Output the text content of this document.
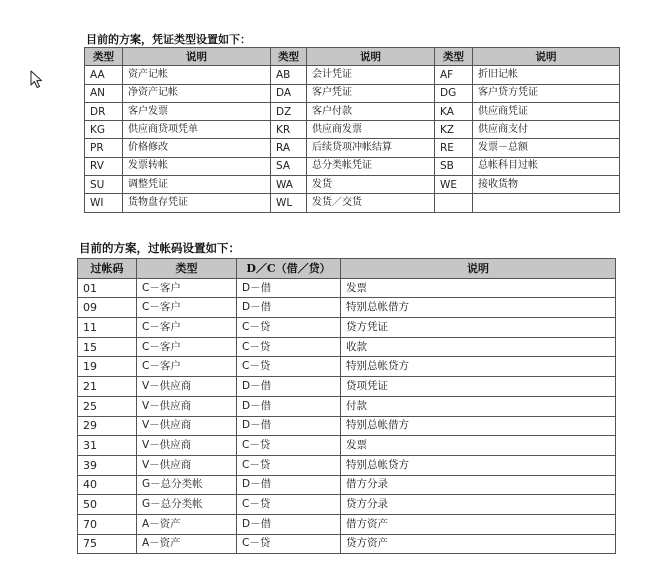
目前的方案，凭证类型设置如下：
类型	说明	类型	说明	类型	说明
AA	资产记帐	AB	会计凭证	AF	折旧记帐
AN	净资产记帐	DA	客户凭证	DG	客户贷方凭证
DR	客户发票	DZ	客户付款	KA	供应商凭证
KG	供应商贷项凭单	KR	供应商发票	KZ	供应商支付
PR	价格修改	RA	后续贷项冲帐结算	RE	发票－总额
RV	发票转帐	SA	总分类帐凭证	SB	总帐科目过帐
SU	调整凭证	WA	发货	WE	接收货物
WI	货物盘存凭证	WL	发货／交货		
目前的方案，过帐码设置如下：
过帐码	类型	D／C（借／贷）	说明
01	C－客户	D－借	发票
09	C－客户	D－借	特别总帐借方
11	C－客户	C－贷	贷方凭证
15	C－客户	C－贷	收款
19	C－客户	C－贷	特别总帐贷方
21	V－供应商	D－借	贷项凭证
25	V－供应商	D－借	付款
29	V－供应商	D－借	特别总帐借方
31	V－供应商	C－贷	发票
39	V－供应商	C－贷	特别总帐贷方
40	G－总分类帐	D－借	借方分录
50	G－总分类帐	C－贷	贷方分录
70	A－资产	D－借	借方资产
75	A－资产	C－贷	贷方资产
